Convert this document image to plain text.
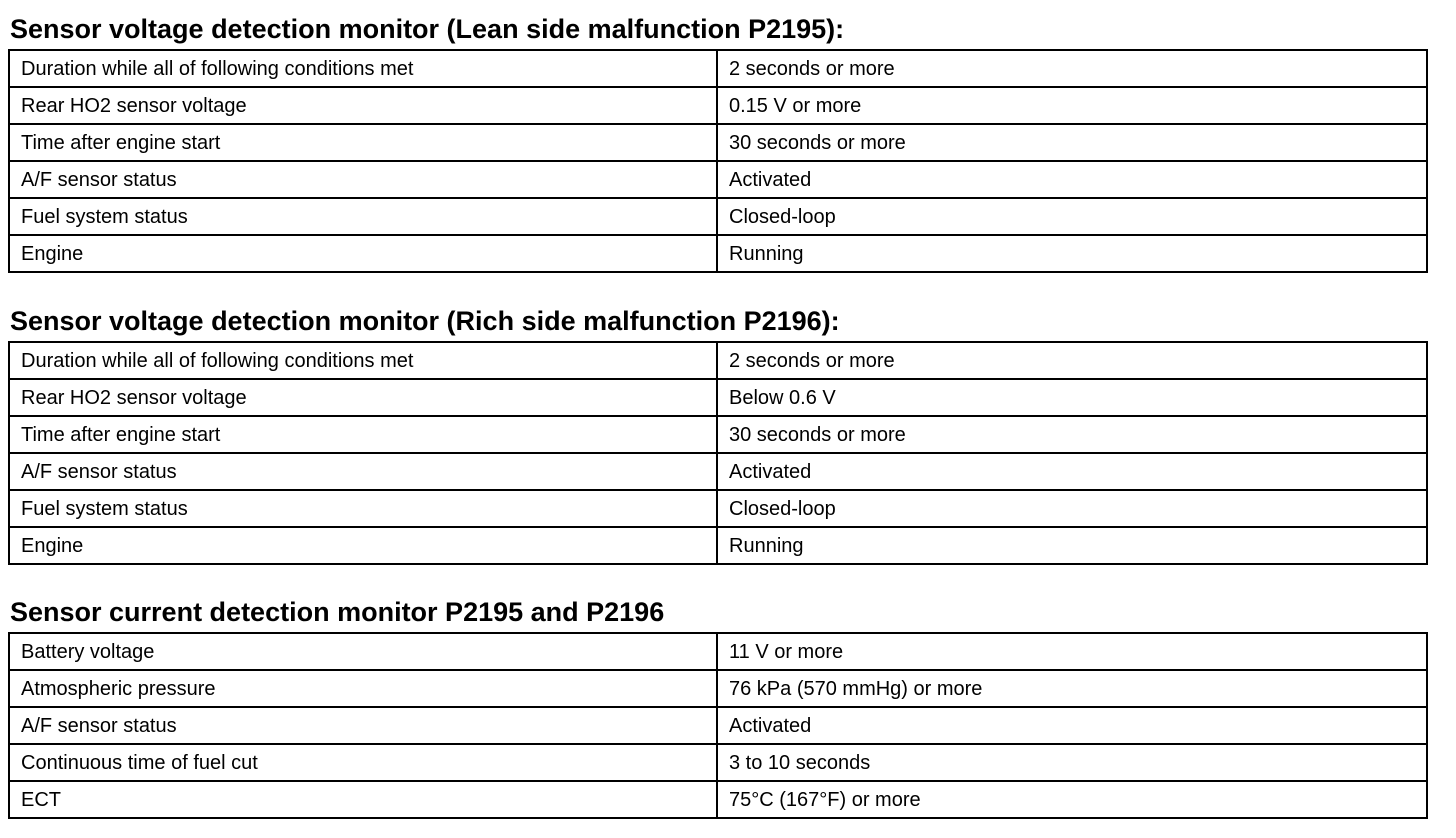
Sensor voltage detection monitor (Lean side malfunction P2195):
Duration while all of following conditions met	2 seconds or more
Rear HO2 sensor voltage	0.15 V or more
Time after engine start	30 seconds or more
A/F sensor status	Activated
Fuel system status	Closed-loop
Engine	Running
Sensor voltage detection monitor (Rich side malfunction P2196):
Duration while all of following conditions met	2 seconds or more
Rear HO2 sensor voltage	Below 0.6 V
Time after engine start	30 seconds or more
A/F sensor status	Activated
Fuel system status	Closed-loop
Engine	Running
Sensor current detection monitor P2195 and P2196
Battery voltage	11 V or more
Atmospheric pressure	76 kPa (570 mmHg) or more
A/F sensor status	Activated
Continuous time of fuel cut	3 to 10 seconds
ECT	75°C (167°F) or more
